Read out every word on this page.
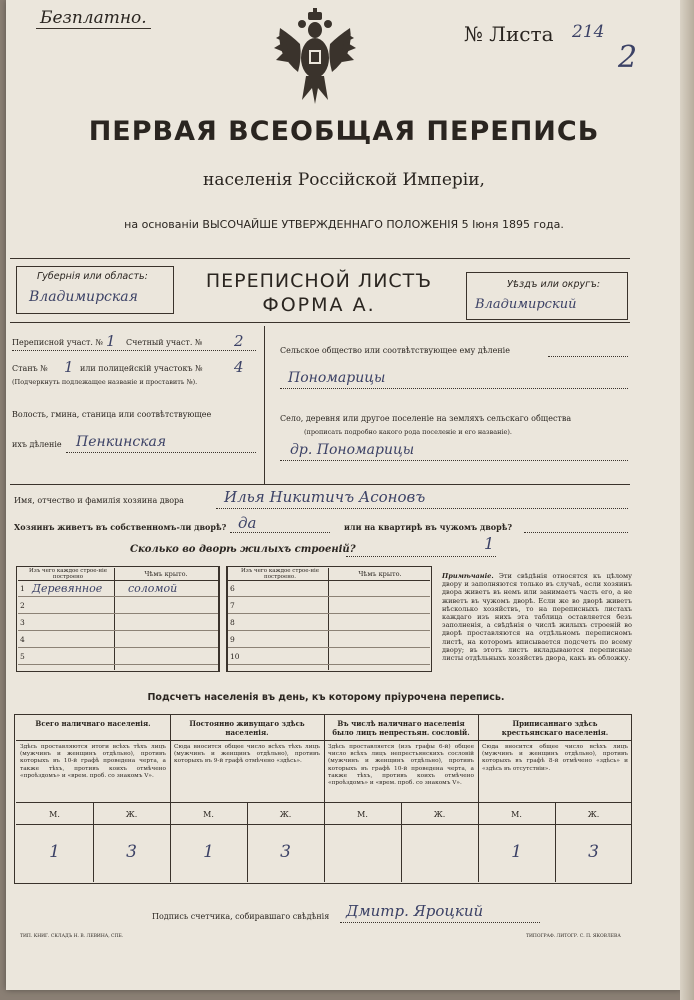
Безплатно.
№ Листа 214
2
ПЕРВАЯ ВСЕОБЩАЯ ПЕРЕПИСЬ
населенія Россійской Имперіи,
на основаніи ВЫСОЧАЙШЕ УТВЕРЖДЕННАГО ПОЛОЖЕНІЯ 5 Іюня 1895 года.
Губернія или область:
Владимирская
ПЕРЕПИСНОЙ ЛИСТЪ
ФОРМА А.
Уѣздъ или округъ:
Владимирский
Переписной участ. № 1 Счетный участ. № 2
Станъ № 1 или полицейскій участокъ № 4
(Подчеркнуть подлежащее названіе и проставить №).
Волость, гмина, станица или соотвѣтствующее
ихъ дѣленіе Пенкинская
Сельское общество или соотвѣтствующее ему дѣленіе
Пономарицы
Село, деревня или другое поселеніе на земляхъ сельскаго общества
(прописать подробно какого рода поселеніе и его названіе).
др. Пономарицы
Имя, отчество и фамилія хозяина двора	Илья Никитичъ Асоновъ
Хозяинъ живетъ въ собственномъ-ли дворѣ? да	или на квартирѣ въ чужомъ дворѣ?
Сколько во дворѣ жилыхъ строеній?	1
Изъ чего каждое строе-ніе построено	Чѣмъ крыто.	Изъ чего каждое строе-ніе построено.	Чѣмъ крыто.
1 Деревянное соломой
2
3
4
5
6
7
8
9
10
Примѣчаніе. Эти свѣдѣнія относятся къ цѣлому двору и заполняются только въ случаѣ, если хозяинъ двора живетъ въ немъ или занимаетъ часть его, а не живетъ въ чужомъ дворѣ. Если же во дворѣ живетъ нѣсколько хозяйствъ, то на переписныхъ листахъ каждаго изъ нихъ эта таблица оставляется безъ заполненія, а свѣдѣнія о числѣ жилыхъ строеній во дворѣ проставляются на отдѣльномъ переписномъ листѣ, на которомъ вписывается подсчетъ по всему двору; въ этотъ листъ вкладываются переписные листы отдѣльныхъ хозяйствъ двора, какъ въ обложку.
Подсчетъ населенія въ день, къ которому пріурочена перепись.
Всего наличнаго населенія.
Здѣсь проставляются итоги всѣхъ тѣхъ лицъ (мужчинъ и женщинъ отдѣльно), противъ которыхъ въ 10-й графѣ проведена черта, а также тѣхъ, противъ коихъ отмѣчено «проѣздомъ» и «врем. проб. со знакомъ V».
М.	Ж.
1	3
Постоянно живущаго здѣсь населенія.
Сюда вносится общее число всѣхъ тѣхъ лицъ (мужчинъ и женщинъ отдѣльно), противъ которыхъ въ 9-й графѣ отмѣчено «здѣсь».
М.	Ж.
1	3
Въ числѣ наличнаго населенія было лицъ непрестьян. сословій.
Здѣсь проставляется (изъ графы 6-й) общее число всѣхъ лицъ непрестьянскихъ сословій (мужчинъ и женщинъ отдѣльно), противъ которыхъ въ графѣ 10-й проведена черта, а также тѣхъ, противъ коихъ отмѣчено «проѣздомъ» и «врем. проб. со знакомъ V».
М.	Ж.
Приписаннаго здѣсь крестьянскаго населенія.
Сюда вносится общее число всѣхъ лицъ (мужчинъ и женщинъ отдѣльно), противъ которыхъ въ графѣ 8-й отмѣчено «здѣсь» и «здѣсь въ отсутствіи».
М.	Ж.
1	3
Подпись счетчика, собиравшаго свѣдѣнія Дмитр. Яроцкий
ТИП. КНИГ. СКЛАДЪ Н. В. ЛЕВИНА, СПБ.	ТИПОГРАФ. ЛИТОГР. С. П. ЯКОВЛЕВА
